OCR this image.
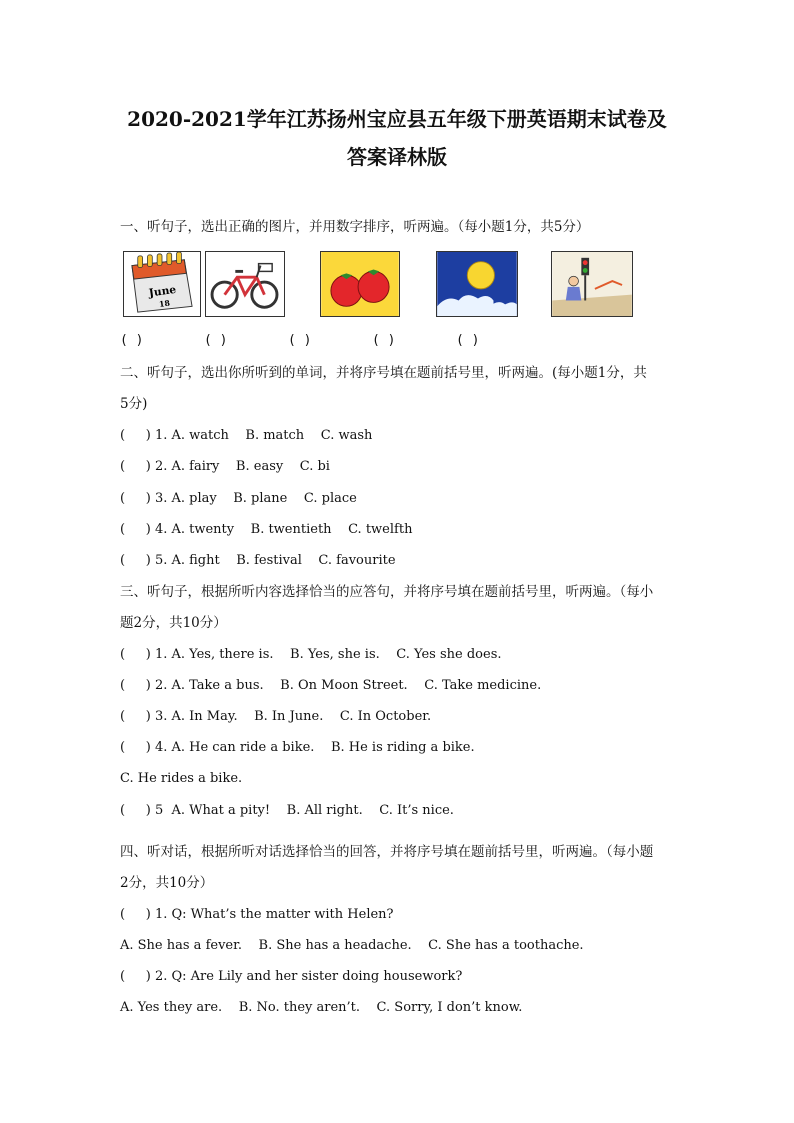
2020-2021学年江苏扬州宝应县五年级下册英语期末试卷及
答案译林版
一、听句子，选出正确的图片，并用数字排序，听两遍。（每小题1分，共5分）
June
18
( )	( )	( )	( )	( )
二、听句子，选出你所听到的单词，并将序号填在题前括号里，听两遍。(每小题1分，共
5分)
(     ) 1. A. watch    B. match    C. wash
(     ) 2. A. fairy    B. easy    C. bi
(     ) 3. A. play    B. plane    C. place
(     ) 4. A. twenty    B. twentieth    C. twelfth
(     ) 5. A. fight    B. festival    C. favourite
三、听句子，根据所听内容选择恰当的应答句，并将序号填在题前括号里，听两遍。（每小
题2分，共10分）
(     ) 1. A. Yes, there is.    B. Yes, she is.    C. Yes she does.
(     ) 2. A. Take a bus.    B. On Moon Street.    C. Take medicine.
(     ) 3. A. In May.    B. In June.    C. In October.
(     ) 4. A. He can ride a bike.    B. He is riding a bike.
C. He rides a bike.
(     ) 5  A. What a pity!    B. All right.    C. It’s nice.
四、听对话，根据所听对话选择恰当的回答，并将序号填在题前括号里，听两遍。（每小题
2分，共10分）
(     ) 1. Q: What’s the matter with Helen?
A. She has a fever.    B. She has a headache.    C. She has a toothache.
(     ) 2. Q: Are Lily and her sister doing housework?
A. Yes they are.    B. No. they aren’t.    C. Sorry, I don’t know.
